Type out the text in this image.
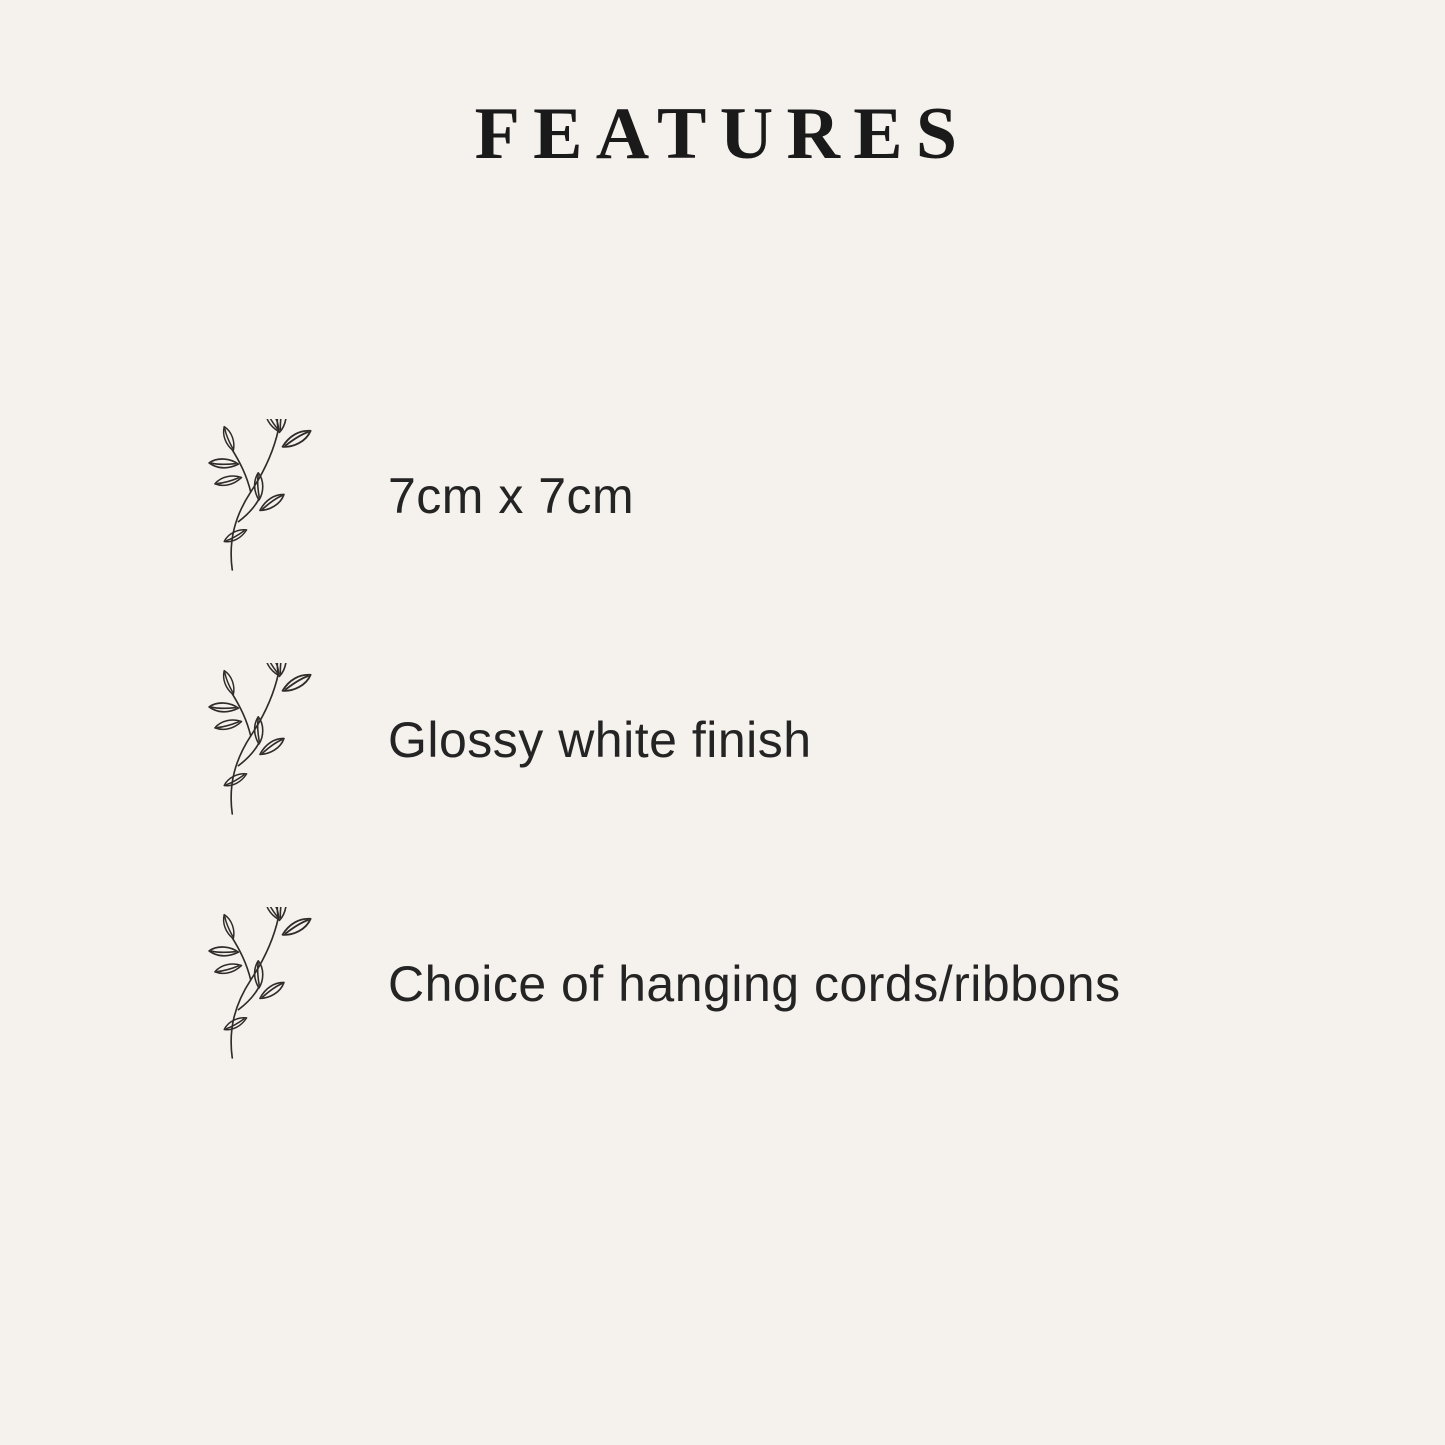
FEATURES
7cm x 7cm
Glossy white finish
Choice of hanging cords/ribbons
